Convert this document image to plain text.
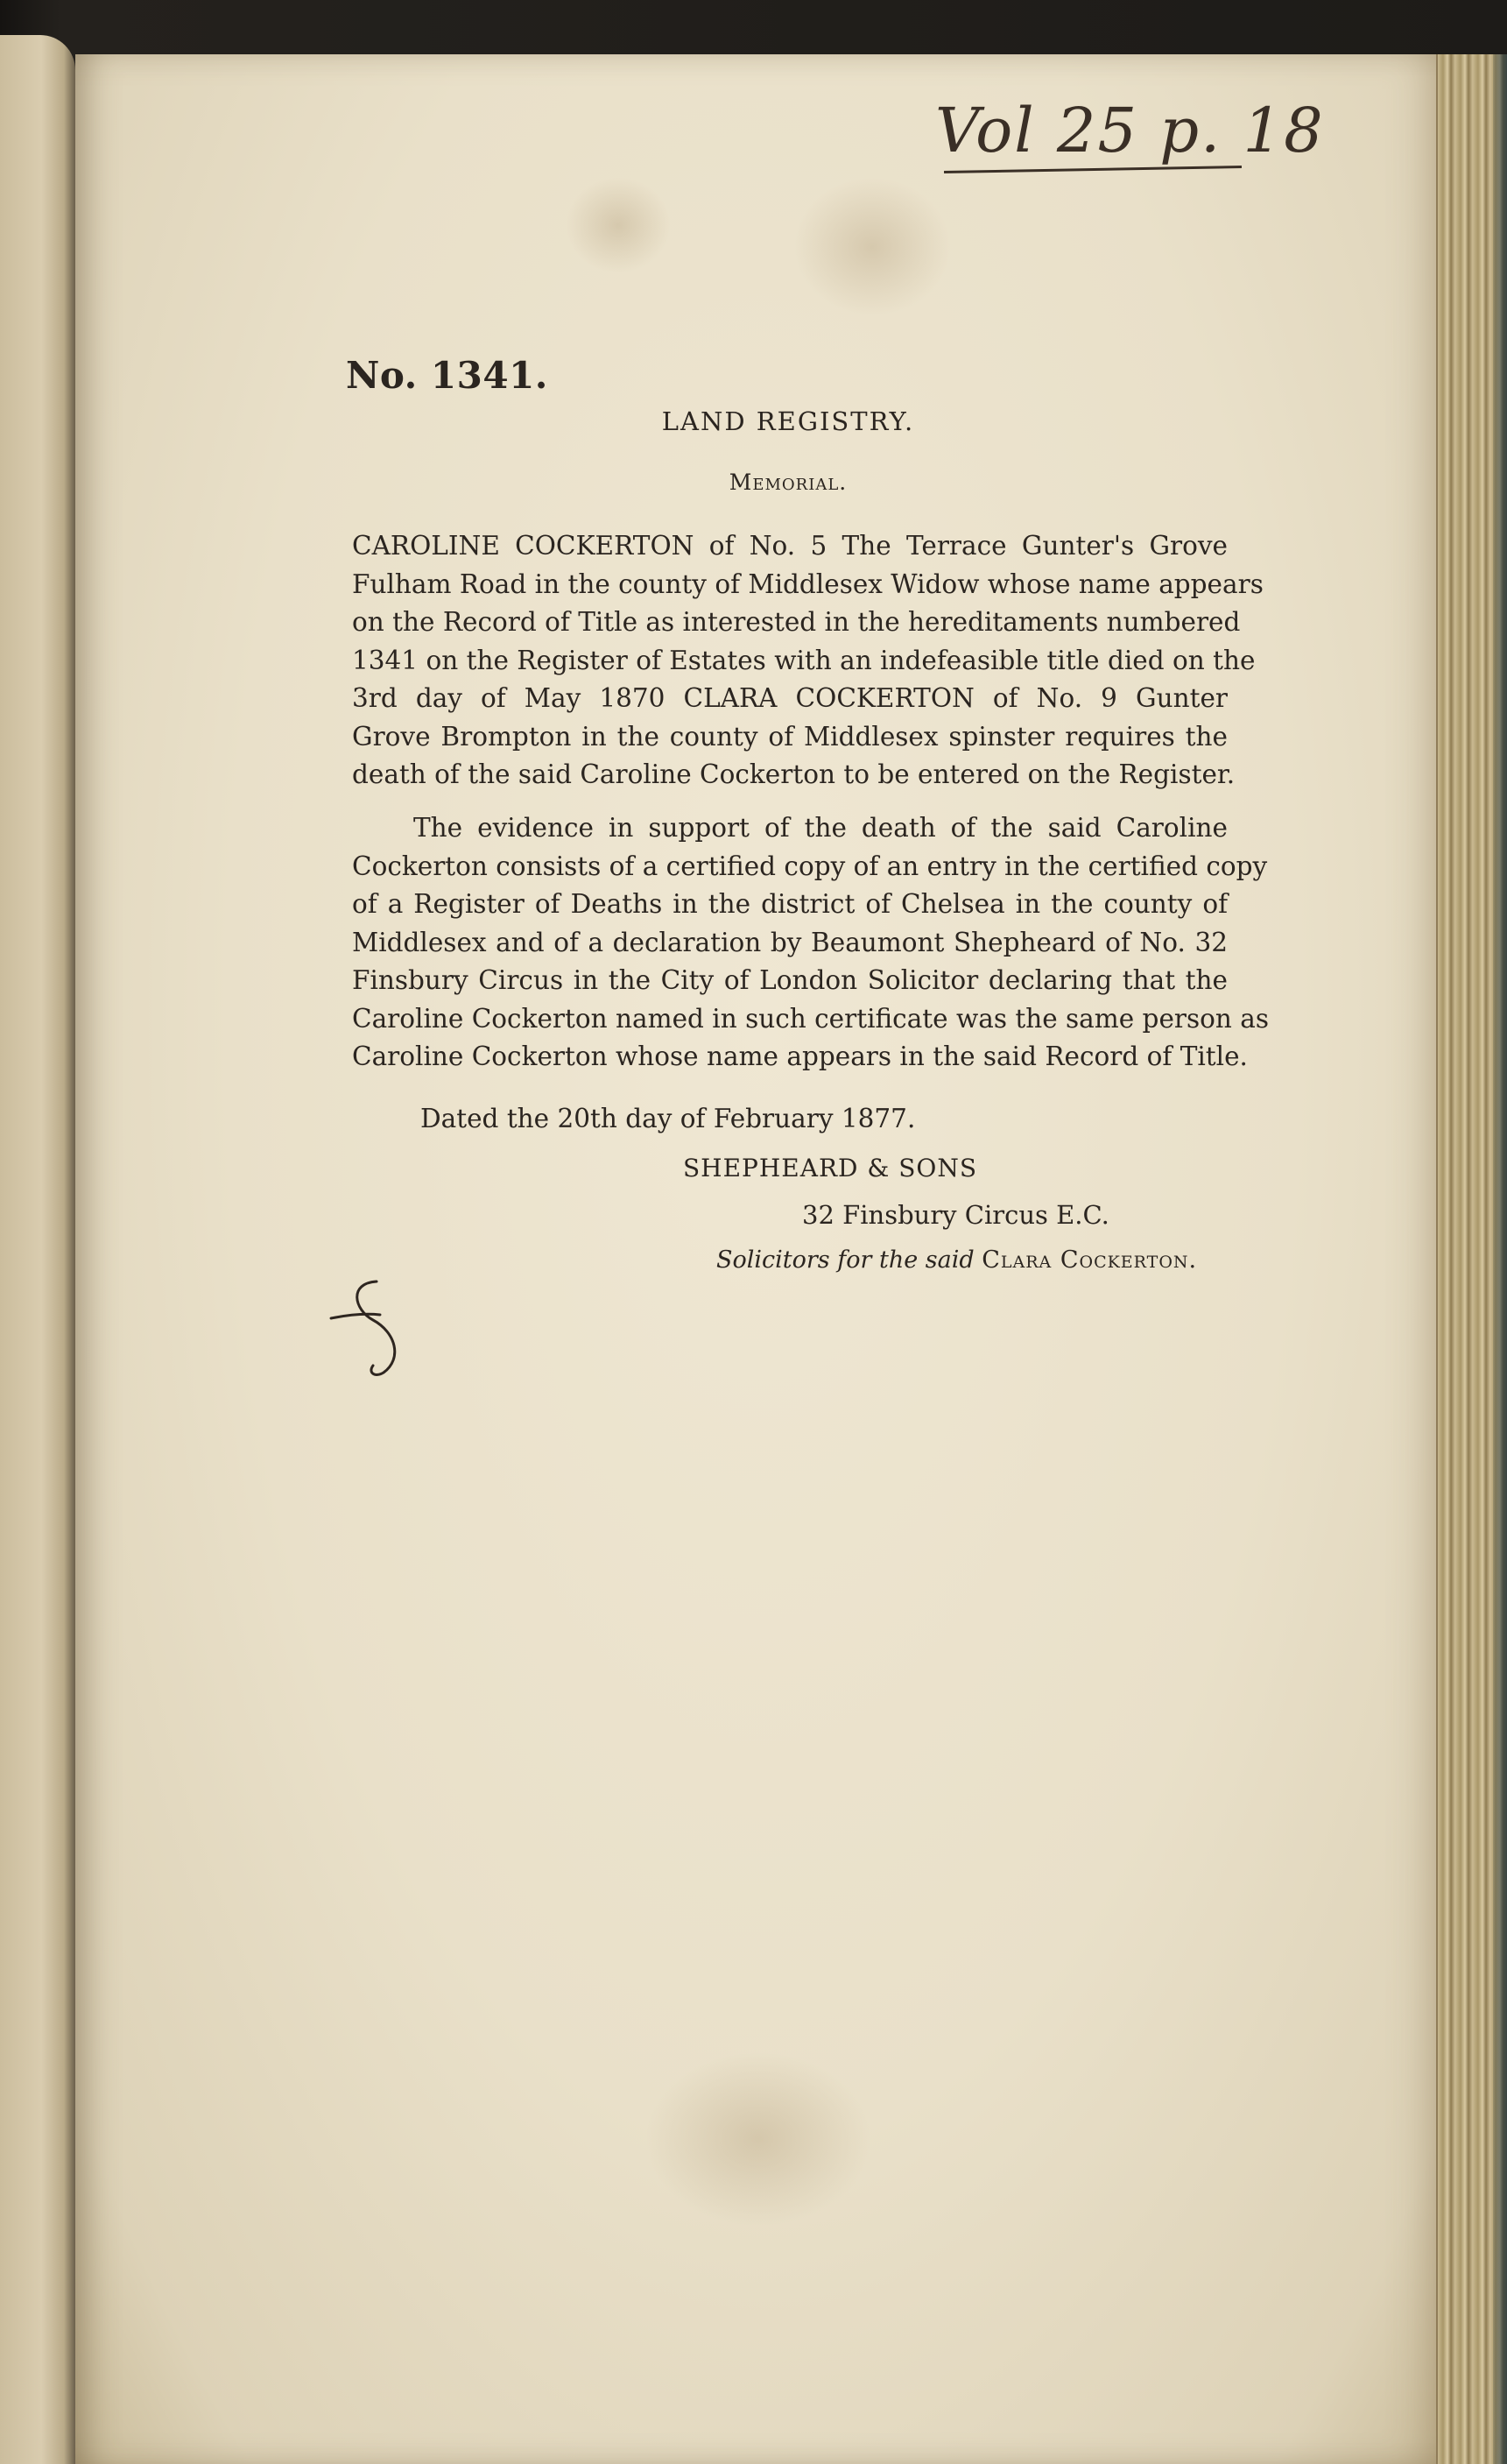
Vol 25 p. 18
No. 1341.
LAND REGISTRY.
Memorial.
CAROLINE COCKERTON of No. 5 The Terrace Gunter's Grove
Fulham Road in the county of Middlesex Widow whose name appears
on the Record of Title as interested in the hereditaments numbered
1341 on the Register of Estates with an indefeasible title died on the
3rd day of May 1870 CLARA COCKERTON of No. 9 Gunter
Grove Brompton in the county of Middlesex spinster requires the
death of the said Caroline Cockerton to be entered on the Register.
The evidence in support of the death of the said Caroline
Cockerton consists of a certified copy of an entry in the certified copy
of a Register of Deaths in the district of Chelsea in the county of
Middlesex and of a declaration by Beaumont Shepheard of No. 32
Finsbury Circus in the City of London Solicitor declaring that the
Caroline Cockerton named in such certificate was the same person as
Caroline Cockerton whose name appears in the said Record of Title.
Dated the 20th day of February 1877.
SHEPHEARD & SONS
32 Finsbury Circus E.C.
Solicitors for the said Clara Cockerton.
